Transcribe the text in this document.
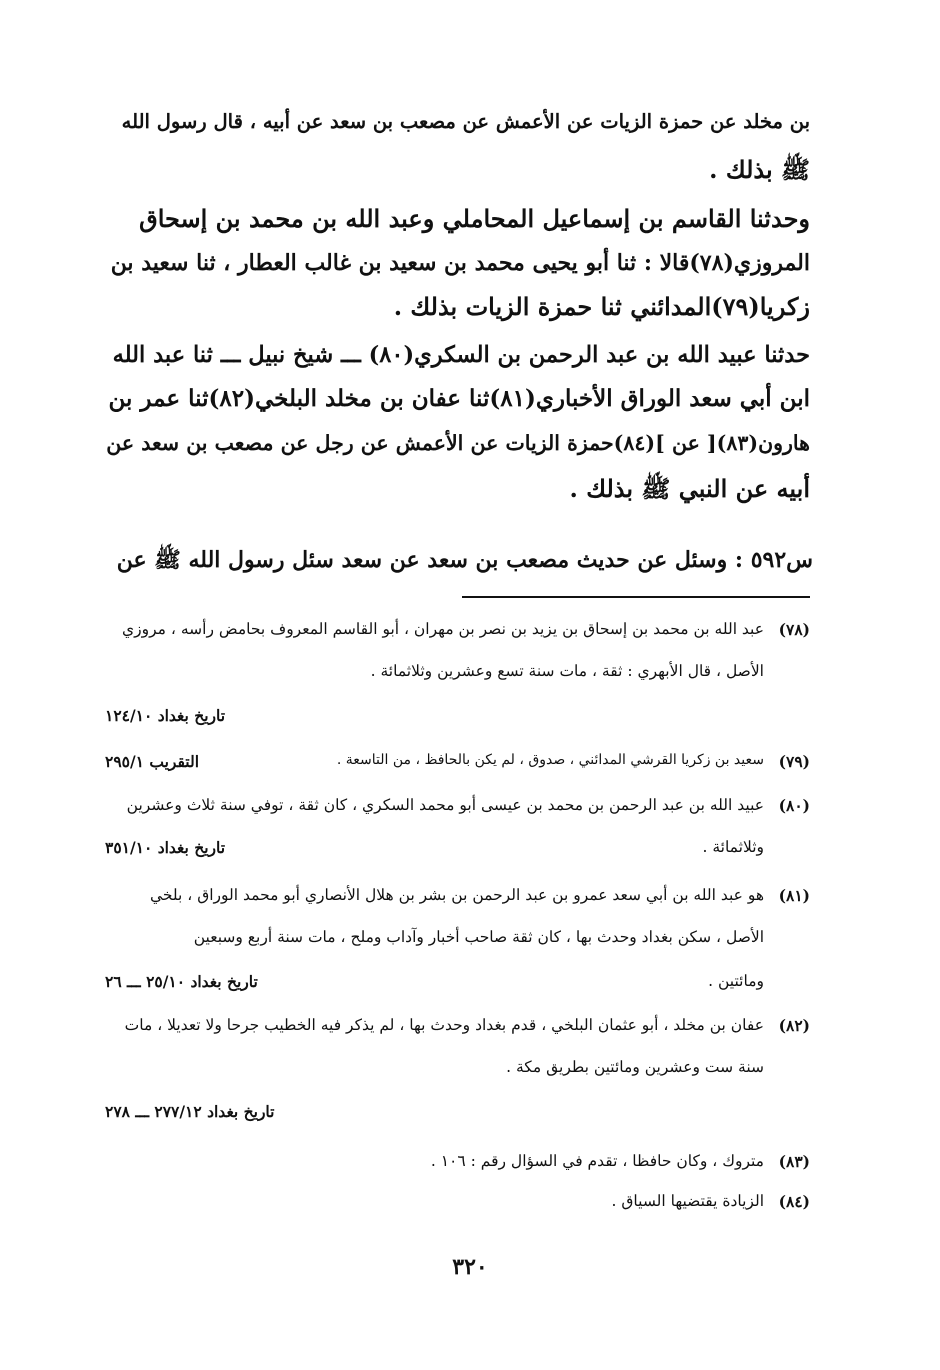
بن مخلد عن حمزة الزيات عن الأعمش عن مصعب بن سعد عن أبيه ، قال رسول الله
ﷺ بذلك .
وحدثنا القاسم بن إسماعيل المحاملي وعبد الله بن محمد بن إسحاق
المروزي(٧٨)قالا : ثنا أبو يحيى محمد بن سعيد بن غالب العطار ، ثنا سعيد بن
زكريا(٧٩)المدائني ثنا حمزة الزيات بذلك .
حدثنا عبيد الله بن عبد الرحمن بن السكري(٨٠) ـــ شيخ نبيل ـــ ثنا عبد الله
ابن أبي سعد الوراق الأخباري(٨١)ثنا عفان بن مخلد البلخي(٨٢)ثنا عمر بن
هارون(٨٣)[ عن ](٨٤)حمزة الزيات عن الأعمش عن رجل عن مصعب بن سعد عن
أبيه عن النبي ﷺ بذلك .
س٥٩٢ : وسئل عن حديث مصعب بن سعد عن سعد سئل رسول الله ﷺ عن
(٧٨)
عبد الله بن محمد بن إسحاق بن يزيد بن نصر بن مهران ، أبو القاسم المعروف بحامض رأسه ، مروزي
الأصل ، قال الأبهري : ثقة ، مات سنة تسع وعشرين وثلاثمائة .
تاريخ بغداد ١٢٤/١٠
(٧٩)
سعيد بن زكريا القرشي المدائني ، صدوق ، لم يكن بالحافظ ، من التاسعة .
التقريب ٢٩٥/١
(٨٠)
عبيد الله بن عبد الرحمن بن محمد بن عيسى أبو محمد السكري ، كان ثقة ، توفي سنة ثلاث وعشرين
وثلاثمائة .
تاريخ بغداد ٣٥١/١٠
(٨١)
هو عبد الله بن أبي سعد عمرو بن عبد الرحمن بن بشر بن هلال الأنصاري أبو محمد الوراق ، بلخي
الأصل ، سكن بغداد وحدث بها ، كان ثقة صاحب أخبار وآداب وملح ، مات سنة أربع وسبعين
ومائتين .
تاريخ بغداد ٢٥/١٠ ـــ ٢٦
(٨٢)
عفان بن مخلد ، أبو عثمان البلخي ، قدم بغداد وحدث بها ، لم يذكر فيه الخطيب جرحا ولا تعديلا ، مات
سنة ست وعشرين ومائتين بطريق مكة .
تاريخ بغداد ٢٧٧/١٢ ـــ ٢٧٨
(٨٣)
متروك ، وكان حافظا ، تقدم في السؤال رقم : ١٠٦ .
(٨٤)
الزيادة يقتضيها السياق .
٣٢٠
